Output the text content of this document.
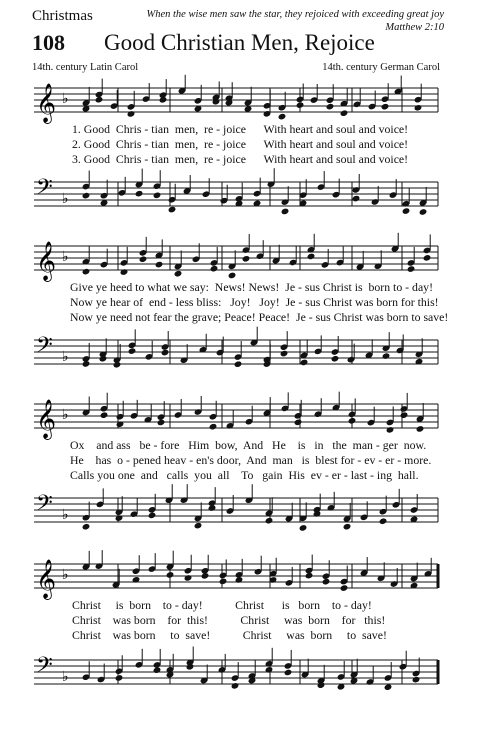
Christmas
108 Good Christian Men, Rejoice
When the wise men saw the star, they rejoiced with exceeding great joy
Matthew 2:10
14th. century Latin Carol	14th. century German Carol
𝄞 ♭
1. Good  Chris - tian  men,  re - joice      With heart and soul and voice!
2. Good  Chris - tian  men,  re - joice      With heart and soul and voice!
3. Good  Chris - tian  men,  re - joice      With heart and soul and voice!
𝄢 ♭
𝄞 ♭
Give ye heed to what we say:  News! News!  Je - sus Christ is  born to - day!
Now ye hear of  end - less bliss:   Joy!   Joy!  Je - sus Christ was born for this!
Now ye need not fear the grave; Peace! Peace!  Je - sus Christ was born to save!
𝄢 ♭
𝄞 ♭
Ox    and ass   be - fore   Him  bow,  And   He    is   in   the  man - ger  now.
He    has  o - pened heav - en's door,  And  man   is  blest for - ev - er - more.
Calls you one  and   calls  you  all    To   gain  His  ev - er - last - ing  hall.
𝄢 ♭
𝄞 ♭
Christ     is  born    to - day!           Christ      is   born    to - day!
Christ    was born    for  this!           Christ     was  born    for   this!
Christ    was born     to  save!           Christ     was  born     to  save!
𝄢 ♭
